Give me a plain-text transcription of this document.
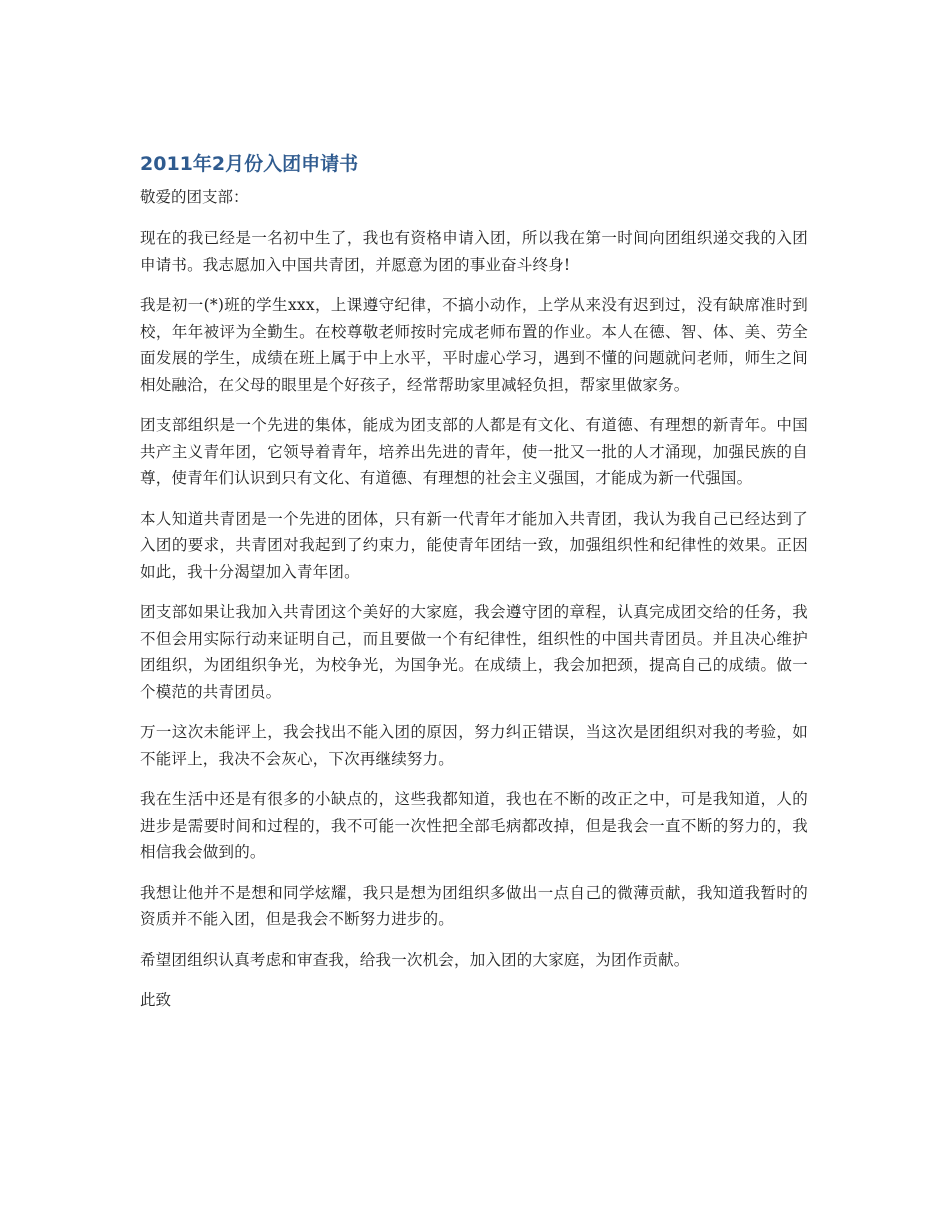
2011年2月份入团申请书

敬爱的团支部：

现在的我已经是一名初中生了，我也有资格申请入团，所以我在第一时间向团组织递交我的入团申请书。我志愿加入中国共青团，并愿意为团的事业奋斗终身!

我是初一(*)班的学生xxx，上课遵守纪律，不搞小动作，上学从来没有迟到过，没有缺席准时到校，年年被评为全勤生。在校尊敬老师按时完成老师布置的作业。本人在德、智、体、美、劳全面发展的学生，成绩在班上属于中上水平，平时虚心学习，遇到不懂的问题就问老师，师生之间相处融洽，在父母的眼里是个好孩子，经常帮助家里减轻负担，帮家里做家务。

团支部组织是一个先进的集体，能成为团支部的人都是有文化、有道德、有理想的新青年。中国共产主义青年团，它领导着青年，培养出先进的青年，使一批又一批的人才涌现，加强民族的自尊，使青年们认识到只有文化、有道德、有理想的社会主义强国，才能成为新一代强国。

本人知道共青团是一个先进的团体，只有新一代青年才能加入共青团，我认为我自己已经达到了入团的要求，共青团对我起到了约束力，能使青年团结一致，加强组织性和纪律性的效果。正因如此，我十分渴望加入青年团。

团支部如果让我加入共青团这个美好的大家庭，我会遵守团的章程，认真完成团交给的任务，我不但会用实际行动来证明自己，而且要做一个有纪律性，组织性的中国共青团员。并且决心维护团组织，为团组织争光，为校争光，为国争光。在成绩上，我会加把颈，提高自己的成绩。做一个模范的共青团员。

万一这次未能评上，我会找出不能入团的原因，努力纠正错误，当这次是团组织对我的考验，如不能评上，我决不会灰心，下次再继续努力。

我在生活中还是有很多的小缺点的，这些我都知道，我也在不断的改正之中，可是我知道，人的进步是需要时间和过程的，我不可能一次性把全部毛病都改掉，但是我会一直不断的努力的，我相信我会做到的。

我想让他并不是想和同学炫耀，我只是想为团组织多做出一点自己的微薄贡献，我知道我暂时的资质并不能入团，但是我会不断努力进步的。

希望团组织认真考虑和审查我，给我一次机会，加入团的大家庭，为团作贡献。

此致
